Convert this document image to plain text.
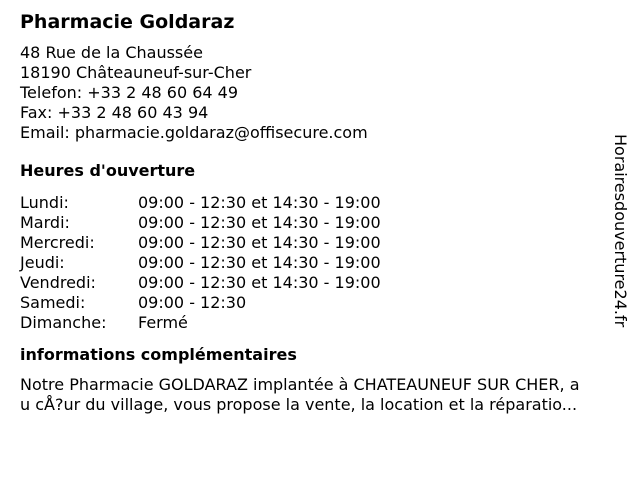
Pharmacie Goldaraz
48 Rue de la Chaussée
18190 Châteauneuf-sur-Cher
Telefon: +33 2 48 60 64 49
Fax: +33 2 48 60 43 94
Email: pharmacie.goldaraz@offisecure.com
Heures d'ouverture
Lundi:	09:00 - 12:30 et 14:30 - 19:00
Mardi:	09:00 - 12:30 et 14:30 - 19:00
Mercredi:	09:00 - 12:30 et 14:30 - 19:00
Jeudi:	09:00 - 12:30 et 14:30 - 19:00
Vendredi:	09:00 - 12:30 et 14:30 - 19:00
Samedi:	09:00 - 12:30
Dimanche:	Fermé
informations complémentaires
Notre Pharmacie GOLDARAZ implantée à CHATEAUNEUF SUR CHER, a
u cÅ?ur du village, vous propose la vente, la location et la réparatio...
Horairesdouverture24.fr
